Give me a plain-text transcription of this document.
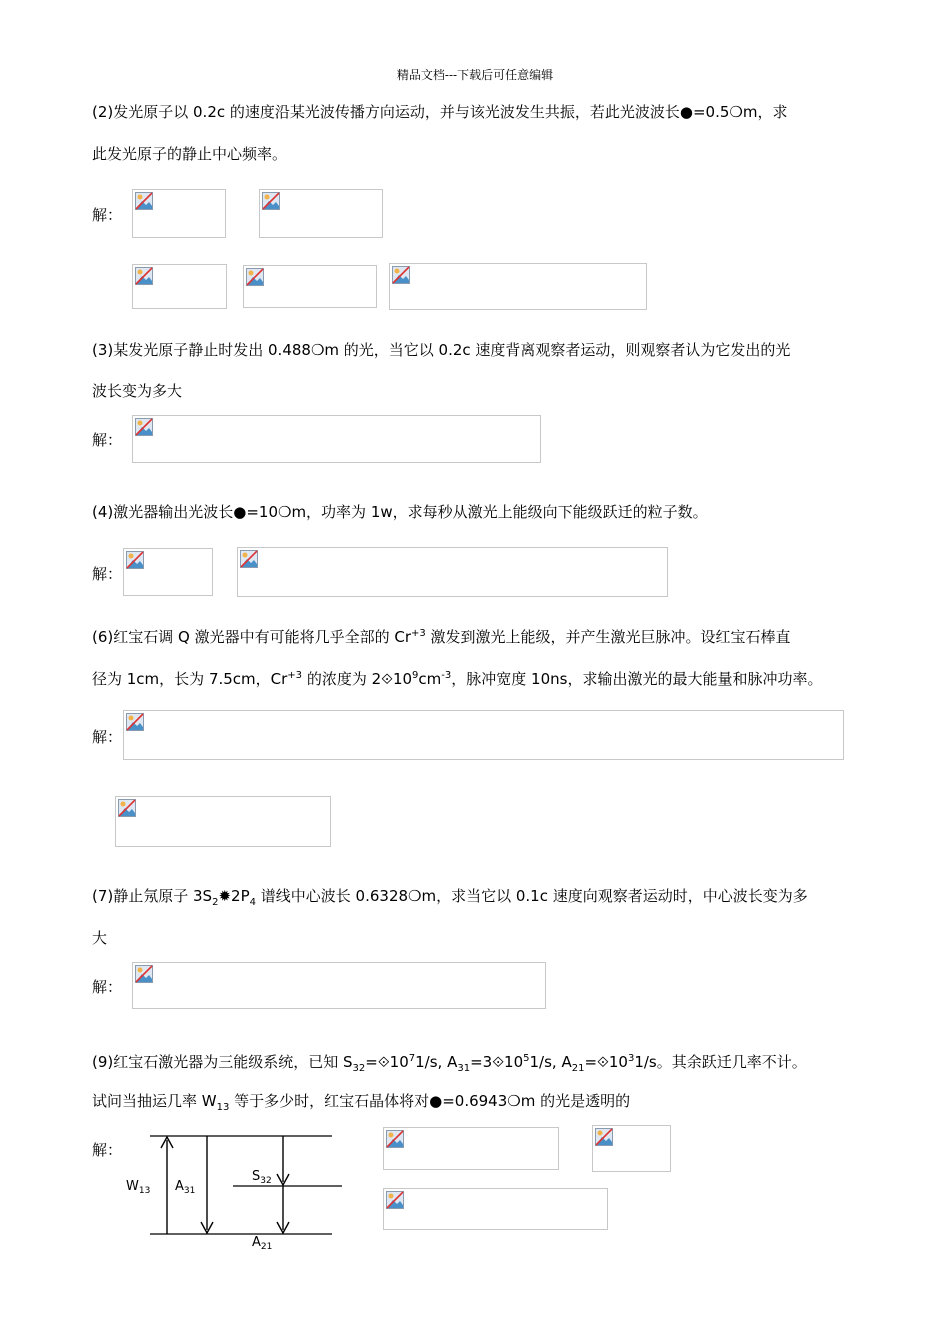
精品文档---下载后可任意编辑
(2)发光原子以 0.2c 的速度沿某光波传播方向运动，并与该光波发生共振，若此光波波长●=0.5❍m，求
此发光原子的静止中心频率。
解：
(3)某发光原子静止时发出 0.488❍m 的光，当它以 0.2c 速度背离观察者运动，则观察者认为它发出的光
波长变为多大
解：
(4)激光器输出光波长●=10❍m，功率为 1w，求每秒从激光上能级向下能级跃迁的粒子数。
解：
(6)红宝石调 Q 激光器中有可能将几乎全部的 $Cr^{+3}$ 激发到激光上能级，并产生激光巨脉冲。设红宝石棒直
径为 1cm，长为 7.5cm，$Cr^{+3}$ 的浓度为 $2⟐10^9cm^{-3}$，脉冲宽度 10ns，求输出激光的最大能量和脉冲功率。
解：
(7)静止氖原子 $3S_2✹2P_4$ 谱线中心波长 0.6328❍m，求当它以 0.1c 速度向观察者运动时，中心波长变为多
大
解：
(9)红宝石激光器为三能级系统，已知 $S_{32}=⟐10^71/s$, $A_{31}=3⟐10^51/s$, $A_{21}=⟐10^31/s$。其余跃迁几率不计。
试问当抽运几率 $W_{13}$ 等于多少时，红宝石晶体将对●=0.6943❍m 的光是透明的
解：
$W_{13}$ $A_{31}$
$S_{32}$
$A_{21}$
